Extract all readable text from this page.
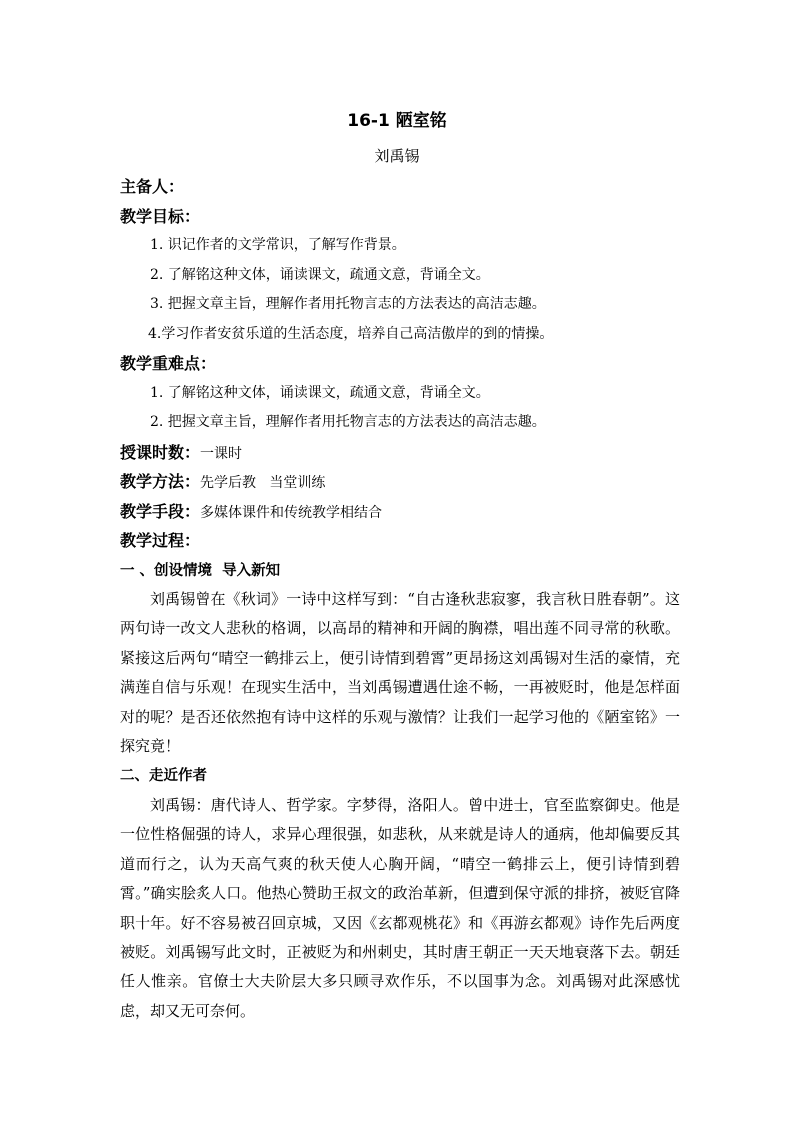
16-1 陋室铭
刘禹锡
主备人：
教学目标：
1. 识记作者的文学常识，了解写作背景。
2. 了解铭这种文体，诵读课文，疏通文意，背诵全文。
3. 把握文章主旨，理解作者用托物言志的方法表达的高洁志趣。
4.学习作者安贫乐道的生活态度，培养自己高洁傲岸的到的情操。
教学重难点：
1. 了解铭这种文体，诵读课文，疏通文意，背诵全文。
2. 把握文章主旨，理解作者用托物言志的方法表达的高洁志趣。
授课时数：一课时
教学方法：先学后教   当堂训练
教学手段：多媒体课件和传统教学相结合
教学过程：
一 、创设情境  导入新知

刘禹锡曾在《秋词》一诗中这样写到：“自古逢秋悲寂寥，我言秋日胜春朝”。这两句诗一改文人悲秋的格调，以高昂的精神和开阔的胸襟，唱出莲不同寻常的秋歌。紧接这后两句“晴空一鹤排云上，便引诗情到碧霄”更昂扬这刘禹锡对生活的豪情，充满莲自信与乐观！在现实生活中，当刘禹锡遭遇仕途不畅，一再被贬时，他是怎样面对的呢？是否还依然抱有诗中这样的乐观与激情？让我们一起学习他的《陋室铭》一探究竟！

二、走近作者

刘禹锡：唐代诗人、哲学家。字梦得，洛阳人。曾中进士，官至监察御史。他是一位性格倔强的诗人，求异心理很强，如悲秋，从来就是诗人的通病，他却偏要反其道而行之，认为天高气爽的秋天使人心胸开阔，“晴空一鹤排云上，便引诗情到碧霄。”确实脍炙人口。他热心赞助王叔文的政治革新，但遭到保守派的排挤，被贬官降职十年。好不容易被召回京城，又因《玄都观桃花》和《再游玄都观》诗作先后两度被贬。刘禹锡写此文时，正被贬为和州刺史，其时唐王朝正一天天地衰落下去。朝廷任人惟亲。官僚士大夫阶层大多只顾寻欢作乐，不以国事为念。刘禹锡对此深感忧虑，却又无可奈何。
